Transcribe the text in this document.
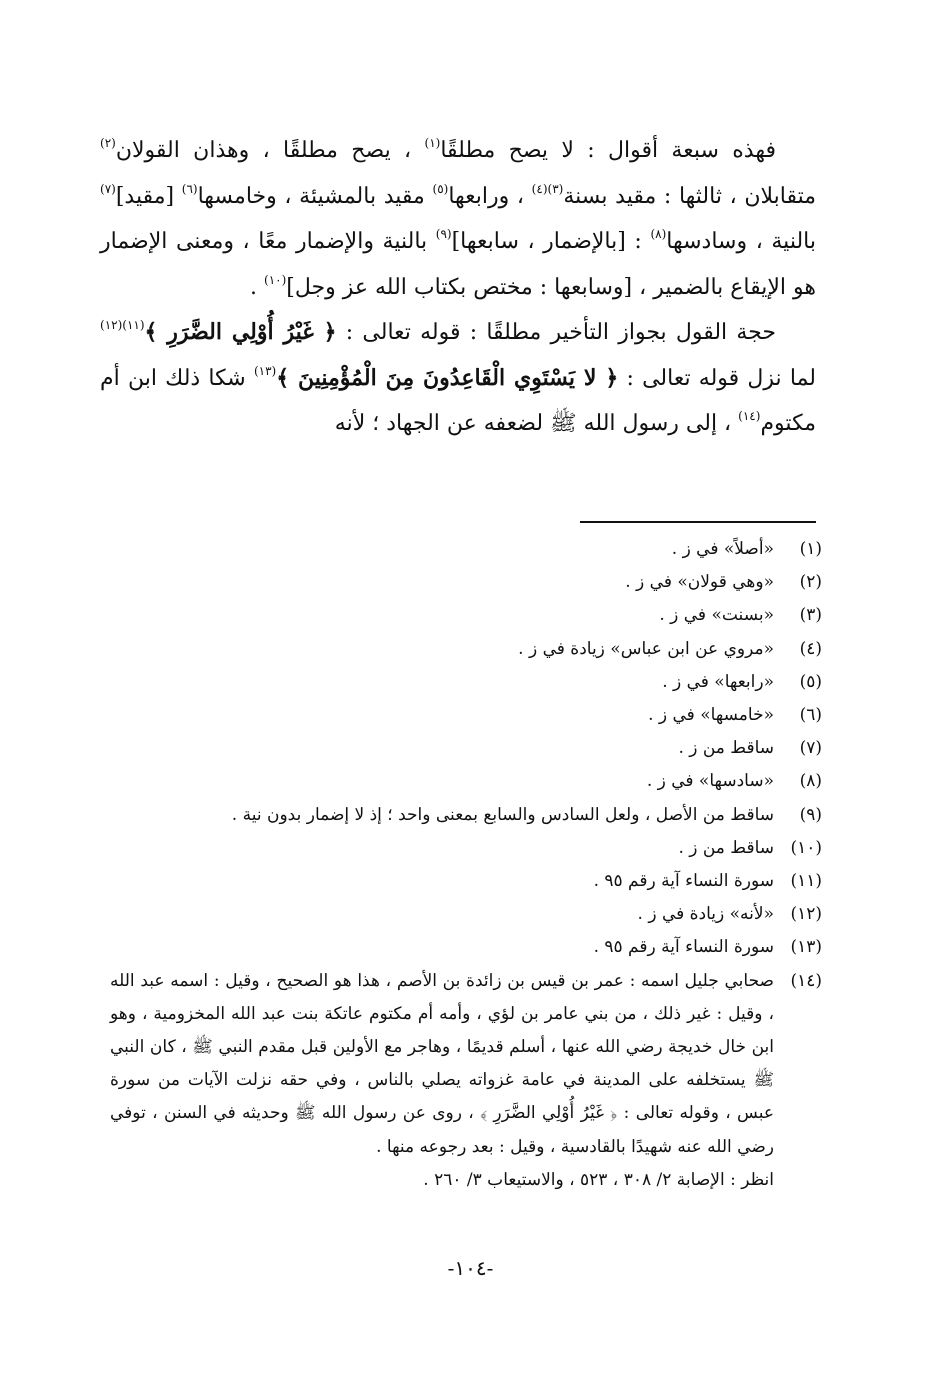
فهذه سبعة أقوال : لا يصح مطلقًا$^{(١)}$ ، يصح مطلقًا ، وهذان القولان$^{(٢)}$ متقابلان ، ثالثها : مقيد بسنة$^{(٣)(٤)}$ ، ورابعها$^{(٥)}$ مقيد بالمشيئة ، وخامسها$^{(٦)}$ [مقيد]$^{(٧)}$ بالنية ، وسادسها$^{(٨)}$ : [بالإضمار ، سابعها]$^{(٩)}$ بالنية والإضمار معًا ، ومعنى الإضمار هو الإيقاع بالضمير ، [وسابعها : مختص بكتاب الله عز وجل]$^{(١٠)}$ .

حجة القول بجواز التأخير مطلقًا : قوله تعالى : ﴿ غَيْرُ أُوْلِي الضَّرَرِ ﴾$^{(١١)(١٢)}$ لما نزل قوله تعالى : ﴿ لا يَسْتَوِي الْقَاعِدُونَ مِنَ الْمُؤْمِنِينَ ﴾$^{(١٣)}$ شكا ذلك ابن أم مكتوم$^{(١٤)}$ ، إلى رسول الله ﷺ لضعفه عن الجهاد ؛ لأنه

(١)
«أصلاً» في ز .
(٢)
«وهي قولان» في ز .
(٣)
«بسنت» في ز .
(٤)
«مروي عن ابن عباس» زيادة في ز .
(٥)
«رابعها» في ز .
(٦)
«خامسها» في ز .
(٧)
ساقط من ز .
(٨)
«سادسها» في ز .
(٩)
ساقط من الأصل ، ولعل السادس والسابع بمعنى واحد ؛ إذ لا إضمار بدون نية .
(١٠)
ساقط من ز .
(١١)
سورة النساء آية رقم ٩٥ .
(١٢)
«لأنه» زيادة في ز .
(١٣)
سورة النساء آية رقم ٩٥ .
(١٤)
صحابي جليل اسمه : عمر بن قيس بن زائدة بن الأصم ، هذا هو الصحيح ، وقيل : اسمه عبد الله ، وقيل : غير ذلك ، من بني عامر بن لؤي ، وأمه أم مكتوم عاتكة بنت عبد الله المخزومية ، وهو ابن خال خديجة رضي الله عنها ، أسلم قديمًا ، وهاجر مع الأولين قبل مقدم النبي ﷺ ، كان النبي ﷺ يستخلفه على المدينة في عامة غزواته يصلي بالناس ، وفي حقه نزلت الآيات من سورة عبس ، وقوله تعالى : ﴿ غَيْرُ أُوْلِي الضَّرَرِ ﴾ ، روى عن رسول الله ﷺ وحديثه في السنن ، توفي رضي الله عنه شهيدًا بالقادسية ، وقيل : بعد رجوعه منها .
انظر : الإصابة ٢/ ٣٠٨ ، ٥٢٣ ، والاستيعاب ٣/ ٢٦٠ .
-١٠٤-
